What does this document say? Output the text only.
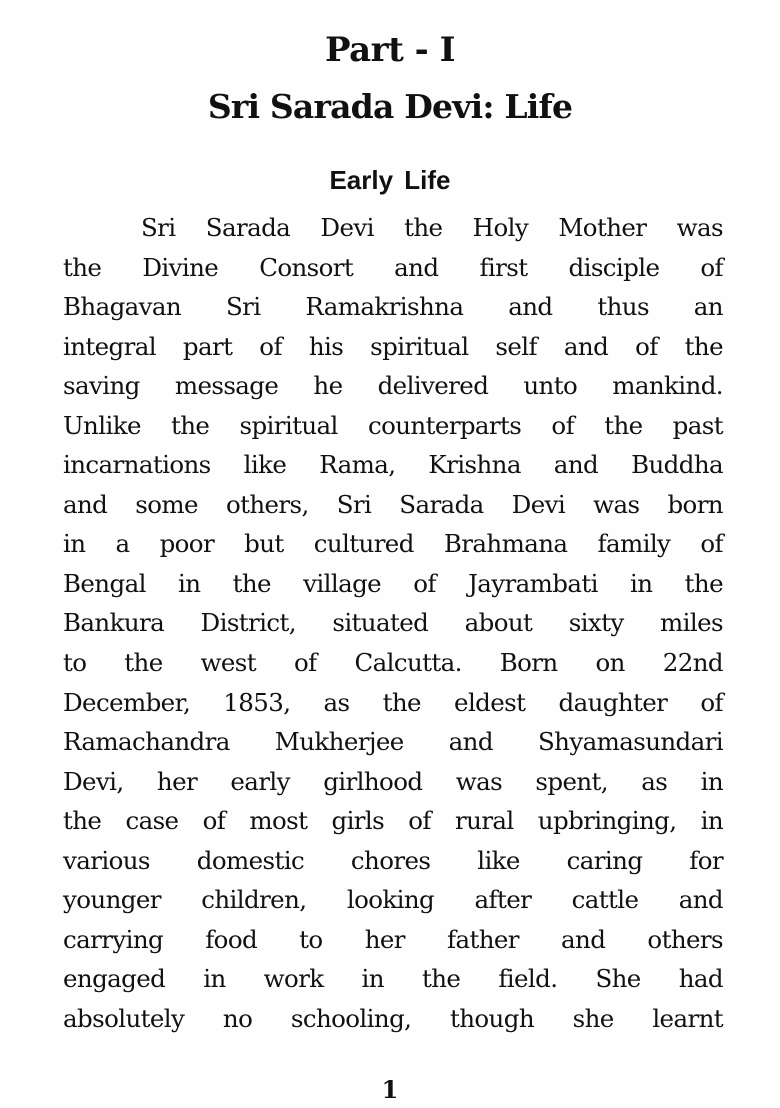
Part - I
Sri Sarada Devi: Life
Early Life
Sri Sarada Devi the Holy Mother was
the Divine Consort and first disciple of
Bhagavan Sri Ramakrishna and thus an
integral part of his spiritual self and of the
saving message he delivered unto mankind.
Unlike the spiritual counterparts of the past
incarnations like Rama, Krishna and Buddha
and some others, Sri Sarada Devi was born
in a poor but cultured Brahmana family of
Bengal in the village of Jayrambati in the
Bankura District, situated about sixty miles
to the west of Calcutta. Born on 22nd
December, 1853, as the eldest daughter of
Ramachandra Mukherjee and Shyamasundari
Devi, her early girlhood was spent, as in
the case of most girls of rural upbringing, in
various domestic chores like caring for
younger children, looking after cattle and
carrying food to her father and others
engaged in work in the field. She had
absolutely no schooling, though she learnt
1
